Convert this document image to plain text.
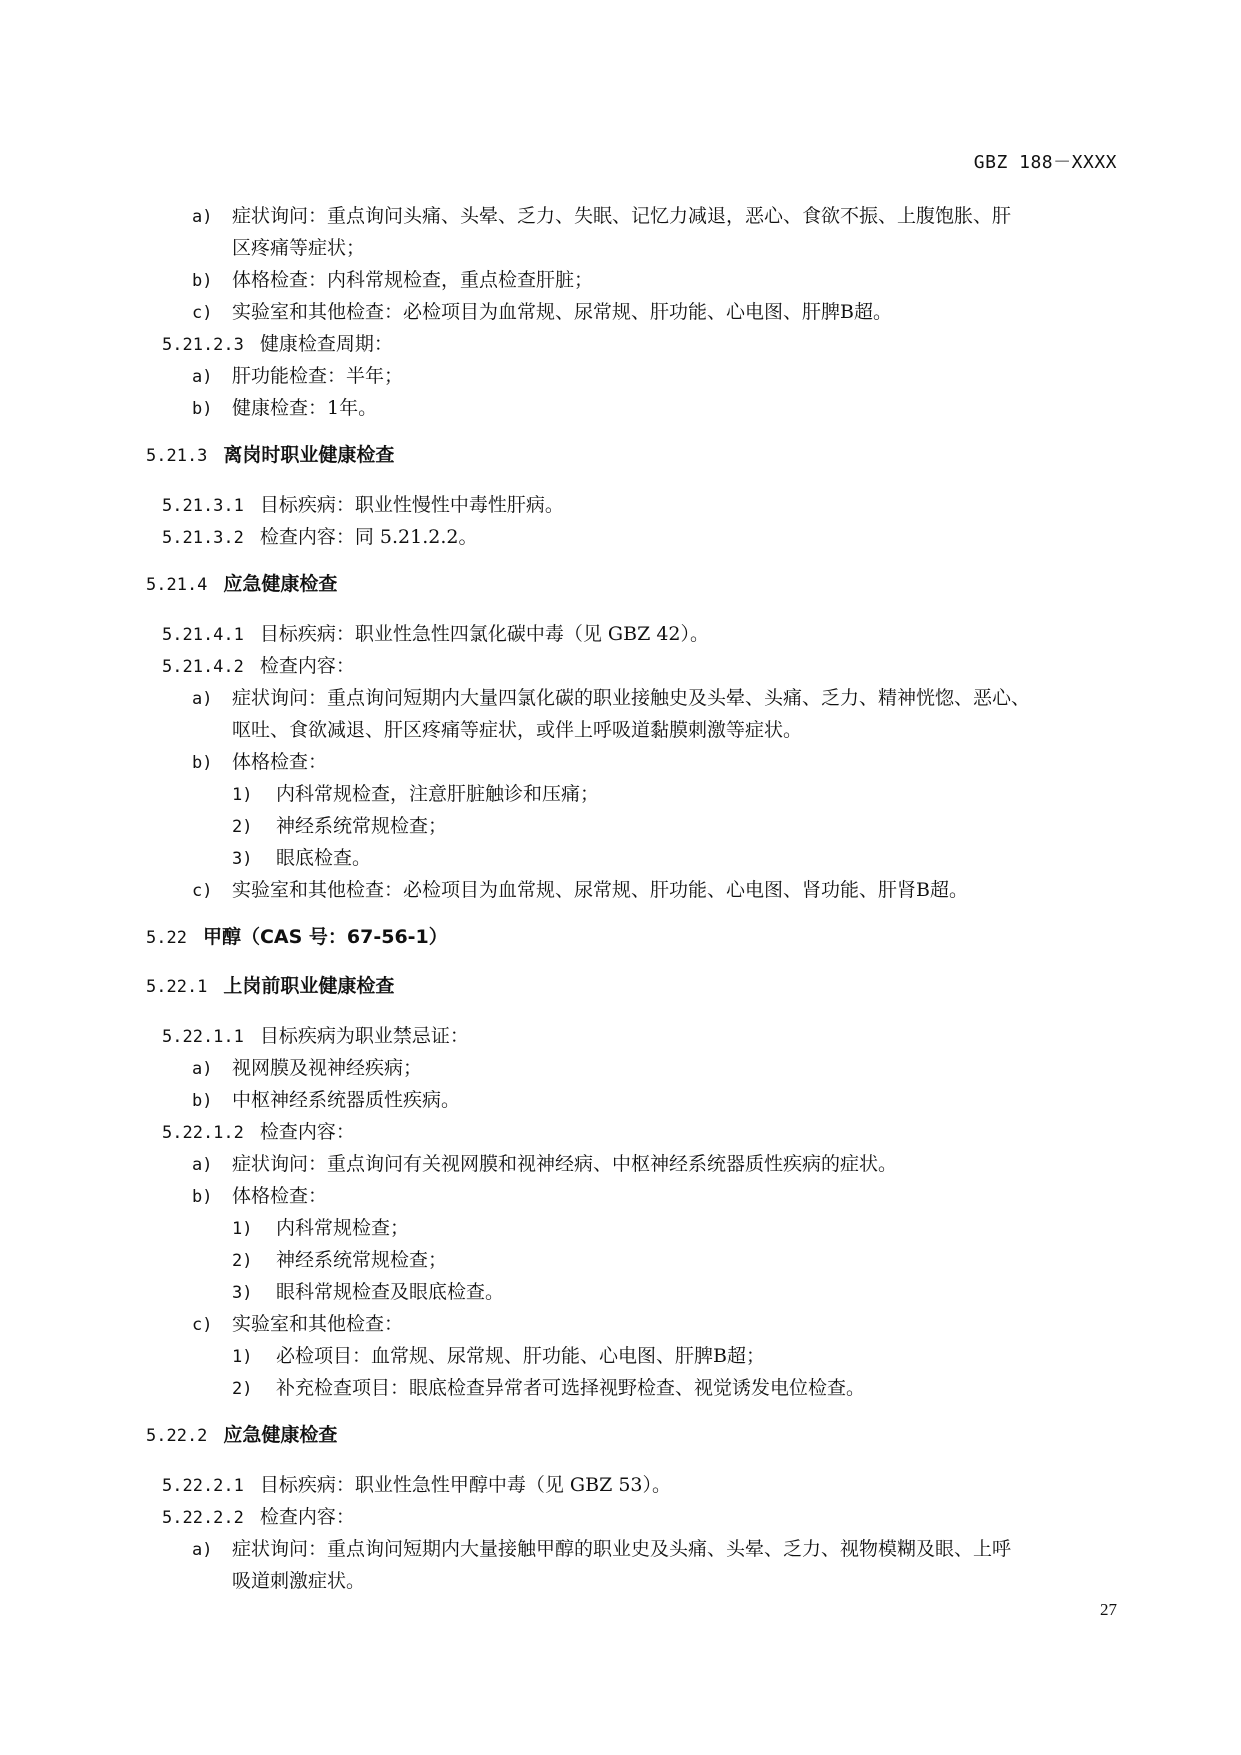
GBZ 188－XXXX
a) 症状询问：重点询问头痛、头晕、乏力、失眠、记忆力减退，恶心、食欲不振、上腹饱胀、肝
区疼痛等症状；
b) 体格检查：内科常规检查，重点检查肝脏；
c) 实验室和其他检查：必检项目为血常规、尿常规、肝功能、心电图、肝脾B超。
5.21.2.3 健康检查周期：
a) 肝功能检查：半年；
b) 健康检查：1年。
5.21.3 离岗时职业健康检查
5.21.3.1 目标疾病：职业性慢性中毒性肝病。
5.21.3.2 检查内容：同 5.21.2.2。
5.21.4 应急健康检查
5.21.4.1 目标疾病：职业性急性四氯化碳中毒（见 GBZ 42）。
5.21.4.2 检查内容：
a) 症状询问：重点询问短期内大量四氯化碳的职业接触史及头晕、头痛、乏力、精神恍惚、恶心、
呕吐、食欲减退、肝区疼痛等症状，或伴上呼吸道黏膜刺激等症状。
b) 体格检查：
1) 内科常规检查，注意肝脏触诊和压痛；
2) 神经系统常规检查；
3) 眼底检查。
c) 实验室和其他检查：必检项目为血常规、尿常规、肝功能、心电图、肾功能、肝肾B超。
5.22 甲醇（CAS 号：67-56-1）
5.22.1 上岗前职业健康检查
5.22.1.1 目标疾病为职业禁忌证：
a) 视网膜及视神经疾病；
b) 中枢神经系统器质性疾病。
5.22.1.2 检查内容：
a) 症状询问：重点询问有关视网膜和视神经病、中枢神经系统器质性疾病的症状。
b) 体格检查：
1) 内科常规检查；
2) 神经系统常规检查；
3) 眼科常规检查及眼底检查。
c) 实验室和其他检查：
1) 必检项目：血常规、尿常规、肝功能、心电图、肝脾B超；
2) 补充检查项目：眼底检查异常者可选择视野检查、视觉诱发电位检查。
5.22.2 应急健康检查
5.22.2.1 目标疾病：职业性急性甲醇中毒（见 GBZ 53）。
5.22.2.2 检查内容：
a) 症状询问：重点询问短期内大量接触甲醇的职业史及头痛、头晕、乏力、视物模糊及眼、上呼
吸道刺激症状。
27
